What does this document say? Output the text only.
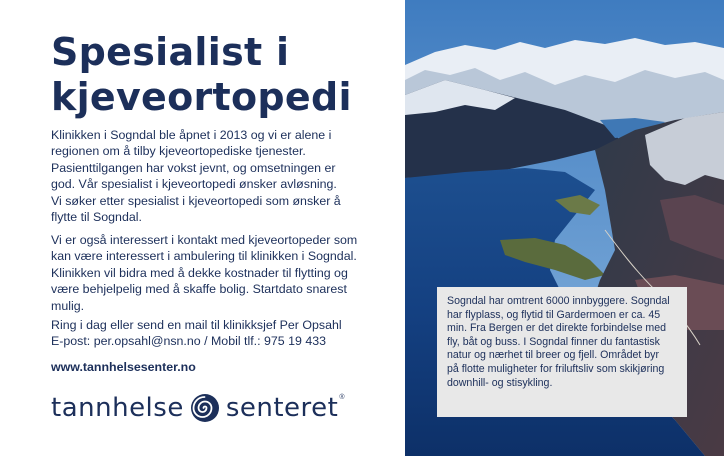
Spesialist i
kjeveortopedi

Klinikken i Sogndal ble åpnet i 2013 og vi er alene i
regionen om å tilby kjeveortopediske tjenester.
Pasienttilgangen har vokst jevnt, og omsetningen er
god. Vår spesialist i kjeveortopedi ønsker avløsning.
Vi søker etter spesialist i kjeveortopedi som ønsker å
flytte til Sogndal.

Vi er også interessert i kontakt med kjeveortopeder som
kan være interessert i ambulering til klinikken i Sogndal.
Klinikken vil bidra med å dekke kostnader til flytting og
være behjelpelig med å skaffe bolig. Startdato snarest
mulig.

Ring i dag eller send en mail til klinikksjef Per Opsahl
E-post: per.opsahl@nsn.no / Mobil tlf.: 975 19 433

www.tannhelsesenter.no
tannhelse senteret ®
Sogndal har omtrent 6000 innbyggere. Sogndal
har flyplass, og flytid til Gardermoen er ca. 45
min. Fra Bergen er det direkte forbindelse med
fly, båt og buss. I Sogndal finner du fantastisk
natur og nærhet til breer og fjell. Området byr
på flotte muligheter for friluftsliv som skikjøring
downhill- og stisykling.
